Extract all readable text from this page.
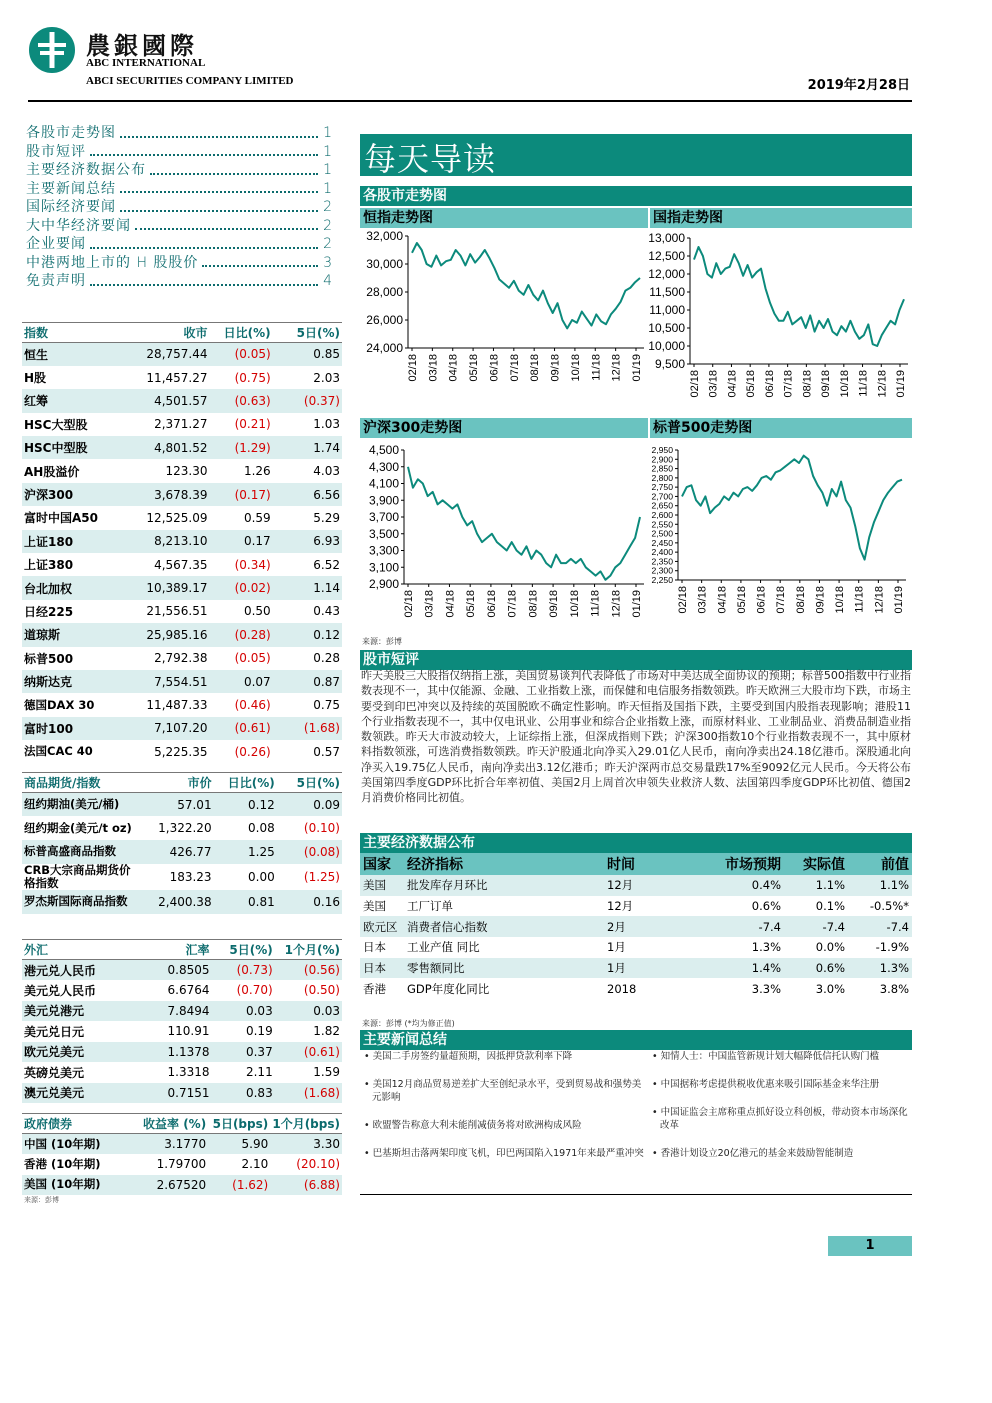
農銀國際
ABC INTERNATIONAL
ABCI SECURITIES COMPANY LIMITED	2019年2月28日
各股市走势图	1
股市短评	1
主要经济数据公布	1
主要新闻总结	1
国际经济要闻	2
大中华经济要闻	2
企业要闻	2
中港两地上市的 H 股股价	3
免责声明	4
指数	收市	日比(%)	5日(%)
恒生	28,757.44	(0.05)	0.85
H股	11,457.27	(0.75)	2.03
红筹	4,501.57	(0.63)	(0.37)
HSC大型股	2,371.27	(0.21)	1.03
HSC中型股	4,801.52	(1.29)	1.74
AH股溢价	123.30	1.26	4.03
沪深300	3,678.39	(0.17)	6.56
富时中国A50	12,525.09	0.59	5.29
上证180	8,213.10	0.17	6.93
上证380	4,567.35	(0.34)	6.52
台北加权	10,389.17	(0.02)	1.14
日经225	21,556.51	0.50	0.43
道琼斯	25,985.16	(0.28)	0.12
标普500	2,792.38	(0.05)	0.28
纳斯达克	7,554.51	0.07	0.87
德国DAX 30	11,487.33	(0.46)	0.75
富时100	7,107.20	(0.61)	(1.68)
法国CAC 40	5,225.35	(0.26)	0.57
商品期货/指数	市价	日比(%)	5日(%)
纽约期油(美元/桶)	57.01	0.12	0.09
纽约期金(美元/t oz)	1,322.20	0.08	(0.10)
标普高盛商品指数	426.77	1.25	(0.08)
CRB大宗商品期货价格指数	183.23	0.00	(1.25)
罗杰斯国际商品指数	2,400.38	0.81	0.16
外汇	汇率	5日(%)	1个月(%)
港元兑人民币	0.8505	(0.73)	(0.56)
美元兑人民币	6.6764	(0.70)	(0.50)
美元兑港元	7.8494	0.03	0.03
美元兑日元	110.91	0.19	1.82
欧元兑美元	1.1378	0.37	(0.61)
英磅兑美元	1.3318	2.11	1.59
澳元兑美元	0.7151	0.83	(1.68)
政府债券	收益率 (%)	5日(bps)	1个月(bps)
中国 (10年期)	3.1770	5.90	3.30
香港 (10年期)	1.79700	2.10	(20.10)
美国 (10年期)	2.67520	(1.62)	(6.88)
来源：彭博
每天导读
各股市走势图
恒指走势图	国指走势图
32,000
30,000
28,000
26,000
24,000
02/18 03/18 04/18 05/18 06/18 07/18 08/18 09/18 10/18 11/18 12/18 01/19
13,000
12,500
12,000
11,500
11,000
10,500
10,000
9,500
02/18 03/18 04/18 05/18 06/18 07/18 08/18 09/18 10/18 11/18 12/18 01/19
沪深300走势图	标普500走势图
4,500
4,300
4,100
3,900
3,700
3,500
3,300
3,100
2,900
02/18 03/18 04/18 05/18 06/18 07/18 08/18 09/18 10/18 11/18 12/18 01/19
2,950
2,900
2,850
2,800
2,750
2,700
2,650
2,600
2,550
2,500
2,450
2,400
2,350
2,300
2,250
02/18 03/18 04/18 05/18 06/18 07/18 08/18 09/18 10/18 11/18 12/18 01/19
来源：彭博
股市短评
昨天美股三大股指仅纳指上涨，美国贸易谈判代表降低了市场对中美达成全面协议的预期；标普500指数中行业指数表现不一，其中仅能源、金融、工业指数上涨，而保健和电信服务指数领跌。昨天欧洲三大股市均下跌，市场主要受到印巴冲突以及持续的英国脱欧不确定性影响。昨天恒指及国指下跌，主要受到国内股指表现影响；港股11个行业指数表现不一，其中仅电讯业、公用事业和综合企业指数上涨，而原材料业、工业制品业、消费品制造业指数领跌。昨天大市波动较大，上证综指上涨，但深成指则下跌；沪深300指数10个行业指数表现不一，其中原材料指数领涨，可选消费指数领跌。昨天沪股通北向净买入29.01亿人民币，南向净卖出24.18亿港币。深股通北向净买入19.75亿人民币，南向净卖出3.12亿港币；昨天沪深两市总交易量跌17%至9092亿元人民币。今天将公布美国第四季度GDP环比折合年率初值、美国2月上周首次申领失业救济人数、法国第四季度GDP环比初值、德国2月消费价格同比初值。
主要经济数据公布
国家	经济指标	时间	市场预期	实际值	前值
美国	批发库存月环比	12月	0.4%	1.1%	1.1%
美国	工厂订单	12月	0.6%	0.1%	-0.5%*
欧元区	消费者信心指数	2月	-7.4	-7.4	-7.4
日本	工业产值 同比	1月	1.3%	0.0%	-1.9%
日本	零售额同比	1月	1.4%	0.6%	1.3%
香港	GDP年度化同比	2018	3.3%	3.0%	3.8%
来源：彭博 (*均为修正值)
主要新闻总结
• 美国二手房签约量超预期，因抵押贷款利率下降
• 美国12月商品贸易逆差扩大至创纪录水平，受到贸易战和强势美元影响
• 欧盟警告称意大利未能削减债务将对欧洲构成风险
• 巴基斯坦击落两架印度飞机，印巴两国陷入1971年来最严重冲突
• 知情人士：中国监管新规计划大幅降低信托认购门槛
• 中国据称考虑提供税收优惠来吸引国际基金来华注册
• 中国证监会主席称重点抓好设立科创板，带动资本市场深化改革
• 香港计划设立20亿港元的基金来鼓励智能制造
1
